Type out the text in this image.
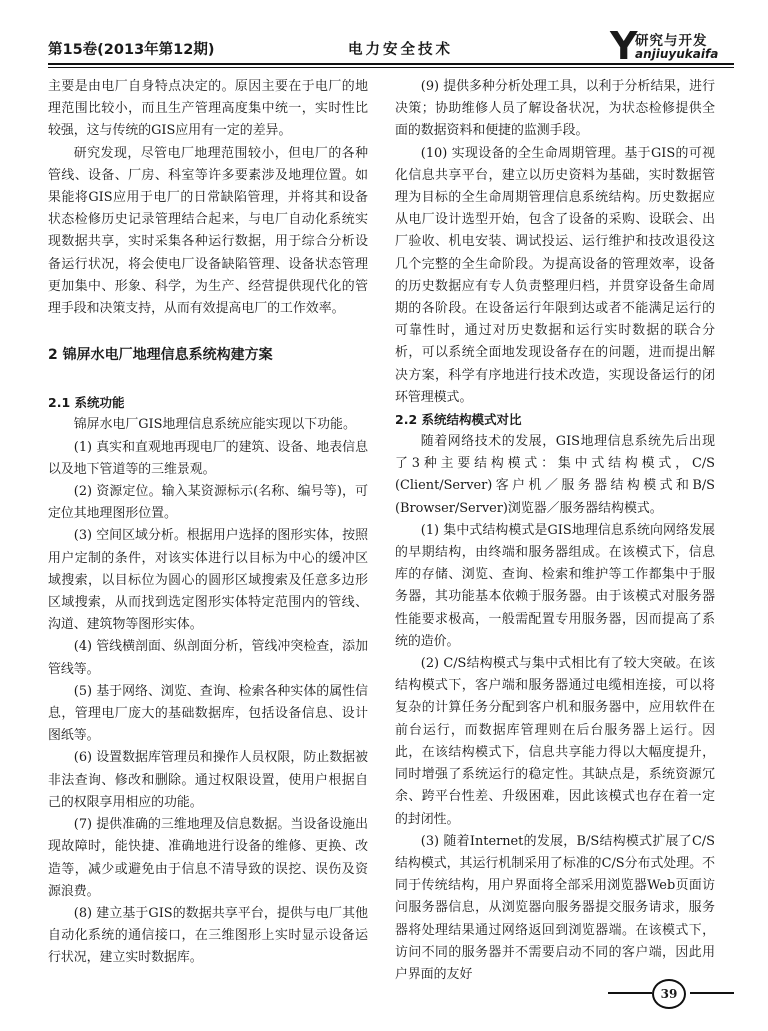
第15卷(2013年第12期)	电力安全技术	Y
研究与开发
anjiuyukaifa

主要是由电厂自身特点决定的。原因主要在于电厂的地理范围比较小，而且生产管理高度集中统一，实时性比较强，这与传统的GIS应用有一定的差异。

研究发现，尽管电厂地理范围较小，但电厂的各种管线、设备、厂房、科室等许多要素涉及地理位置。如果能将GIS应用于电厂的日常缺陷管理，并将其和设备状态检修历史记录管理结合起来，与电厂自动化系统实现数据共享，实时采集各种运行数据，用于综合分析设备运行状况，将会使电厂设备缺陷管理、设备状态管理更加集中、形象、科学，为生产、经营提供现代化的管理手段和决策支持，从而有效提高电厂的工作效率。

2 锦屏水电厂地理信息系统构建方案
2.1 系统功能

锦屏水电厂GIS地理信息系统应能实现以下功能。

(1) 真实和直观地再现电厂的建筑、设备、地表信息以及地下管道等的三维景观。

(2) 资源定位。输入某资源标示(名称、编号等)，可定位其地理图形位置。

(3) 空间区域分析。根据用户选择的图形实体，按照用户定制的条件，对该实体进行以目标为中心的缓冲区域搜索，以目标位为圆心的圆形区域搜索及任意多边形区域搜索，从而找到选定图形实体特定范围内的管线、沟道、建筑物等图形实体。

(4) 管线横剖面、纵剖面分析，管线冲突检查，添加管线等。

(5) 基于网络、浏览、查询、检索各种实体的属性信息，管理电厂庞大的基础数据库，包括设备信息、设计图纸等。

(6) 设置数据库管理员和操作人员权限，防止数据被非法查询、修改和删除。通过权限设置，使用户根据自己的权限享用相应的功能。

(7) 提供准确的三维地理及信息数据。当设备设施出现故障时，能快捷、准确地进行设备的维修、更换、改造等，减少或避免由于信息不清导致的误挖、误伤及资源浪费。

(8) 建立基于GIS的数据共享平台，提供与电厂其他自动化系统的通信接口，在三维图形上实时显示设备运行状况，建立实时数据库。

(9) 提供多种分析处理工具，以利于分析结果，进行决策；协助维修人员了解设备状况，为状态检修提供全面的数据资料和便捷的监测手段。

(10) 实现设备的全生命周期管理。基于GIS的可视化信息共享平台，建立以历史资料为基础，实时数据管理为目标的全生命周期管理信息系统结构。历史数据应从电厂设计选型开始，包含了设备的采购、设联会、出厂验收、机电安装、调试投运、运行维护和技改退役这几个完整的全生命阶段。为提高设备的管理效率，设备的历史数据应有专人负责整理归档，并贯穿设备生命周期的各阶段。在设备运行年限到达或者不能满足运行的可靠性时，通过对历史数据和运行实时数据的联合分析，可以系统全面地发现设备存在的问题，进而提出解决方案，科学有序地进行技术改造，实现设备运行的闭环管理模式。

2.2 系统结构模式对比

随着网络技术的发展，GIS地理信息系统先后出现了3种主要结构模式：集中式结构模式，C/S (Client/Server)客户机／服务器结构模式和B/S (Browser/Server)浏览器／服务器结构模式。

(1) 集中式结构模式是GIS地理信息系统向网络发展的早期结构，由终端和服务器组成。在该模式下，信息库的存储、浏览、查询、检索和维护等工作都集中于服务器，其功能基本依赖于服务器。由于该模式对服务器性能要求极高，一般需配置专用服务器，因而提高了系统的造价。

(2) C/S结构模式与集中式相比有了较大突破。在该结构模式下，客户端和服务器通过电缆相连接，可以将复杂的计算任务分配到客户机和服务器中，应用软件在前台运行，而数据库管理则在后台服务器上运行。因此，在该结构模式下，信息共享能力得以大幅度提升，同时增强了系统运行的稳定性。其缺点是，系统资源冗余、跨平台性差、升级困难，因此该模式也存在着一定的封闭性。

(3) 随着Internet的发展，B/S结构模式扩展了C/S结构模式，其运行机制采用了标准的C/S分布式处理。不同于传统结构，用户界面将全部采用浏览器Web页面访问服务器信息，从浏览器向服务器提交服务请求，服务器将处理结果通过网络返回到浏览器端。在该模式下，访问不同的服务器并不需要启动不同的客户端，因此用户界面的友好

39
